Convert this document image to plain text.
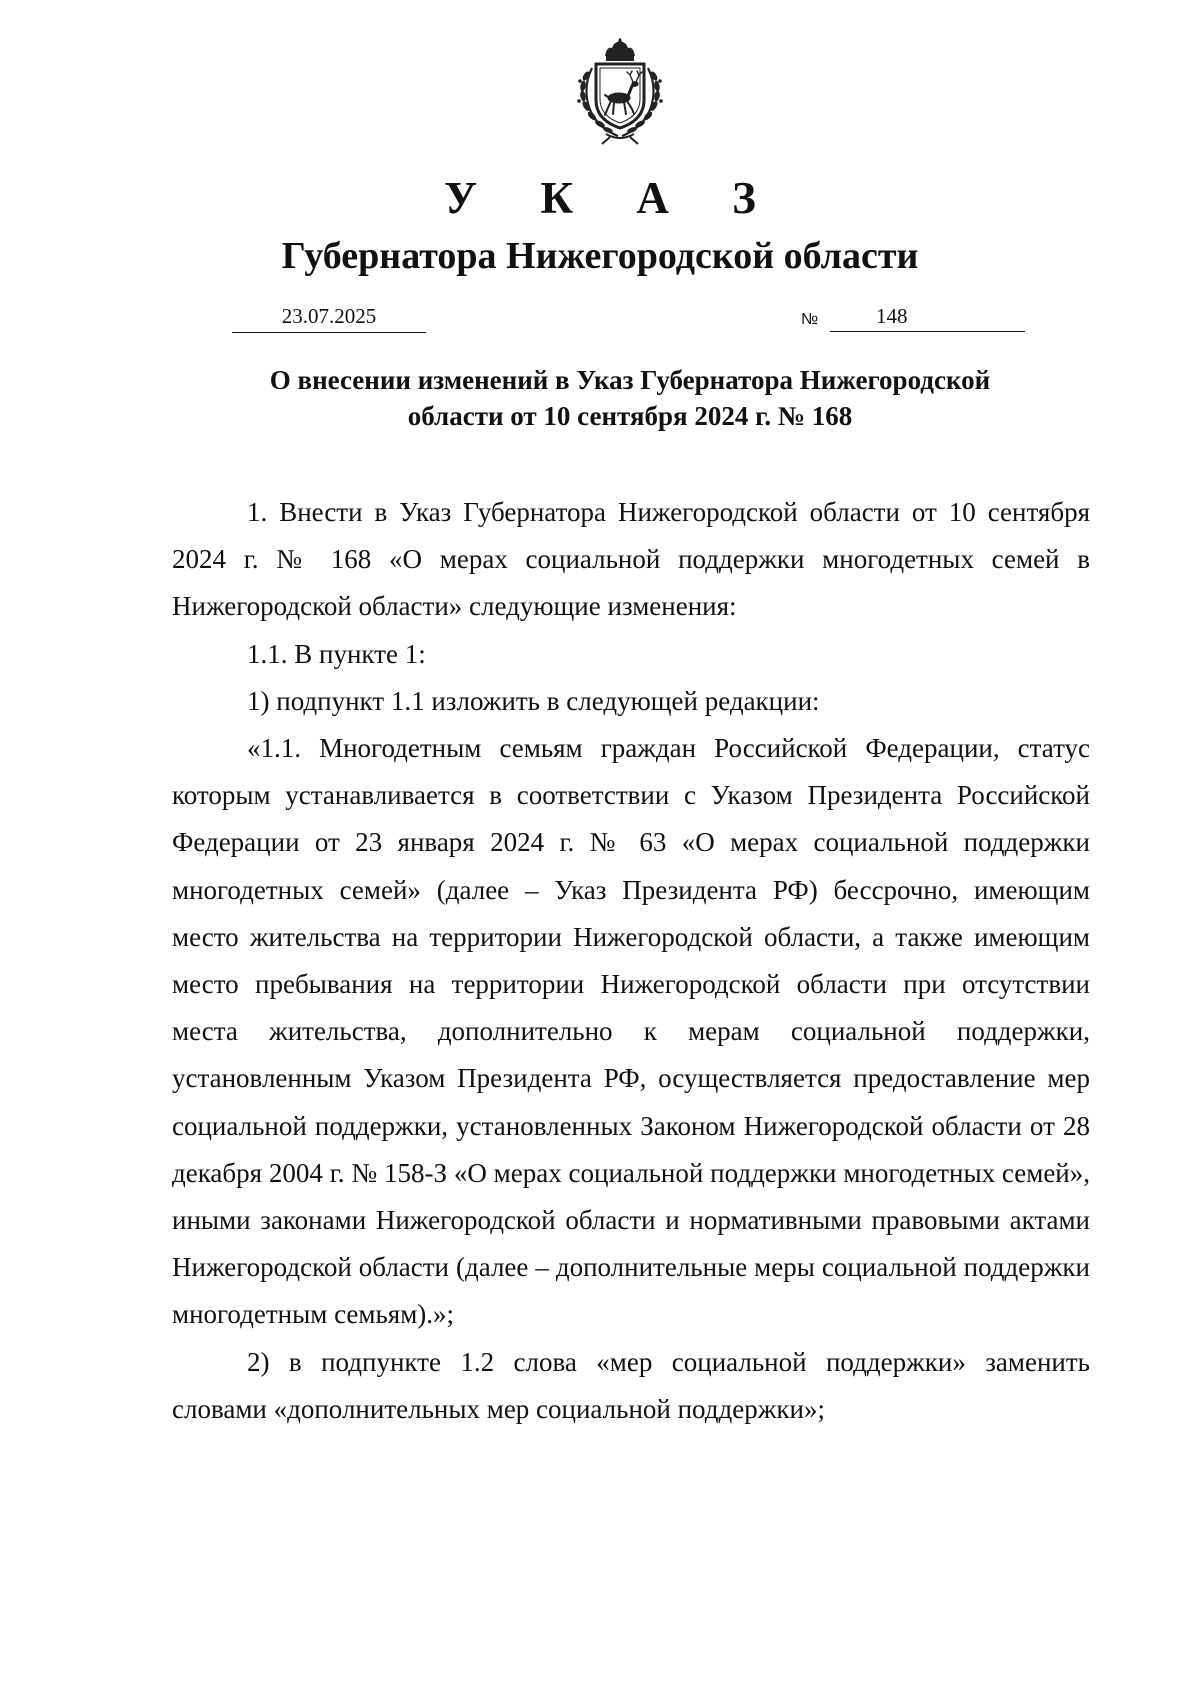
У К А З
Губернатора Нижегородской области
23.07.2025	№	148
О внесении изменений в Указ Губернатора Нижегородской
области от 10 сентября 2024 г. № 168

1. Внести в Указ Губернатора Нижегородской области от 10 сентября 2024 г. № 168 «О мерах социальной поддержки многодетных семей в Нижегородской области» следующие изменения:

1.1. В пункте 1:

1) подпункт 1.1 изложить в следующей редакции:

«1.1. Многодетным семьям граждан Российской Федерации, статус которым устанавливается в соответствии с Указом Президента Российской Федерации от 23 января 2024 г. № 63 «О мерах социальной поддержки многодетных семей» (далее – Указ Президента РФ) бессрочно, имеющим место жительства на территории Нижегородской области, а также имеющим место пребывания на территории Нижегородской области при отсутствии места жительства, дополнительно к мерам социальной поддержки, установленным Указом Президента РФ, осуществляется предоставление мер социальной поддержки, установленных Законом Нижегородской области от 28 декабря 2004 г. № 158-З «О мерах социальной поддержки многодетных семей», иными законами Нижегородской области и нормативными правовыми актами Нижегородской области (далее – дополнительные меры социальной поддержки многодетным семьям).»;

2) в подпункте 1.2 слова «мер социальной поддержки» заменить словами «дополнительных мер социальной поддержки»;
